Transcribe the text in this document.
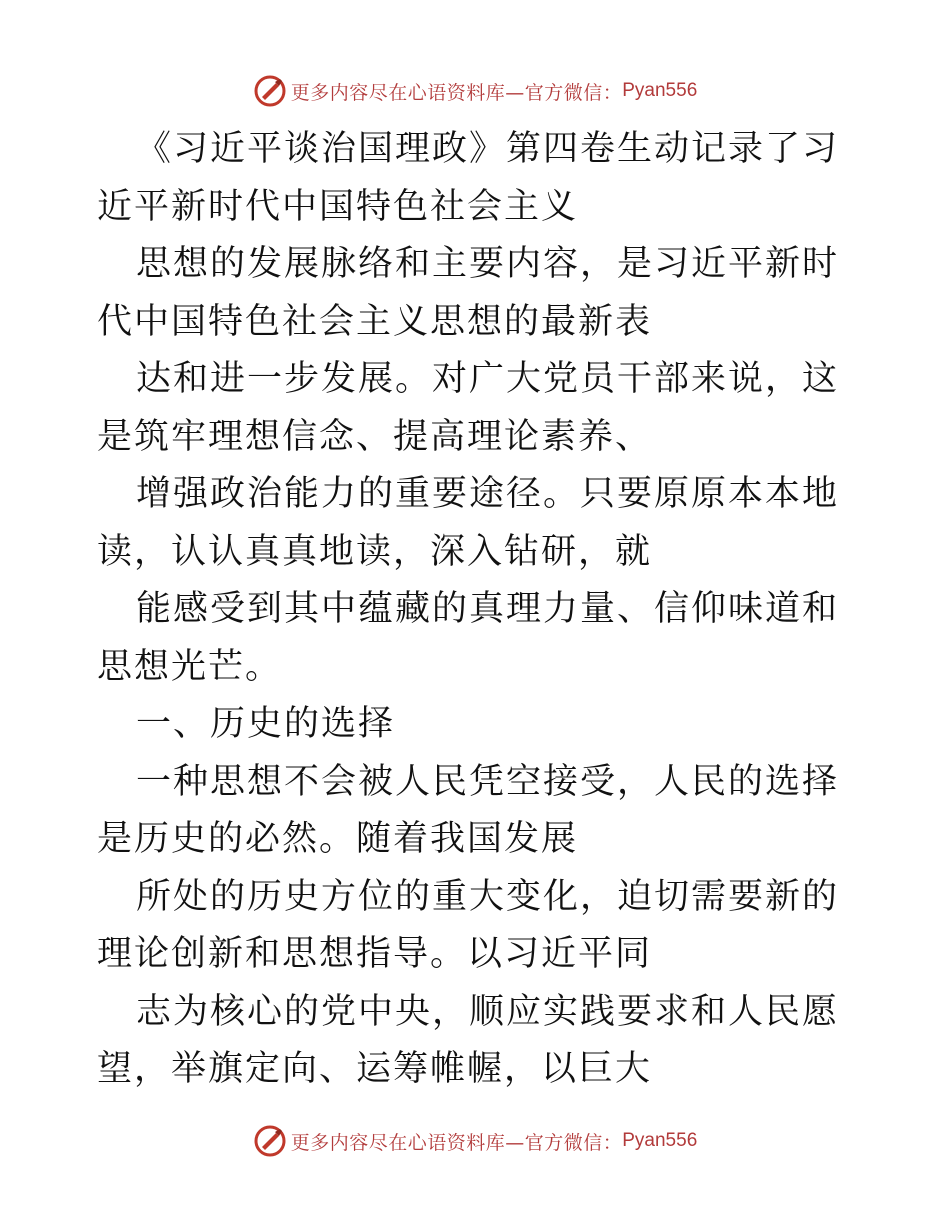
更多内容尽在心语资料库—官方微信： Pyan556

《习近平谈治国理政》第四卷生动记录了习近平新时代中国特色社会主义

思想的发展脉络和主要内容，是习近平新时代中国特色社会主义思想的最新表

达和进一步发展。对广大党员干部来说，这是筑牢理想信念、提高理论素养、

增强政治能力的重要途径。只要原原本本地读，认认真真地读，深入钻研，就

能感受到其中蕴藏的真理力量、信仰味道和思想光芒。

一、历史的选择

一种思想不会被人民凭空接受，人民的选择是历史的必然。随着我国发展

所处的历史方位的重大变化，迫切需要新的理论创新和思想指导。以习近平同

志为核心的党中央，顺应实践要求和人民愿望，举旗定向、运筹帷幄，以巨大

更多内容尽在心语资料库—官方微信： Pyan556
